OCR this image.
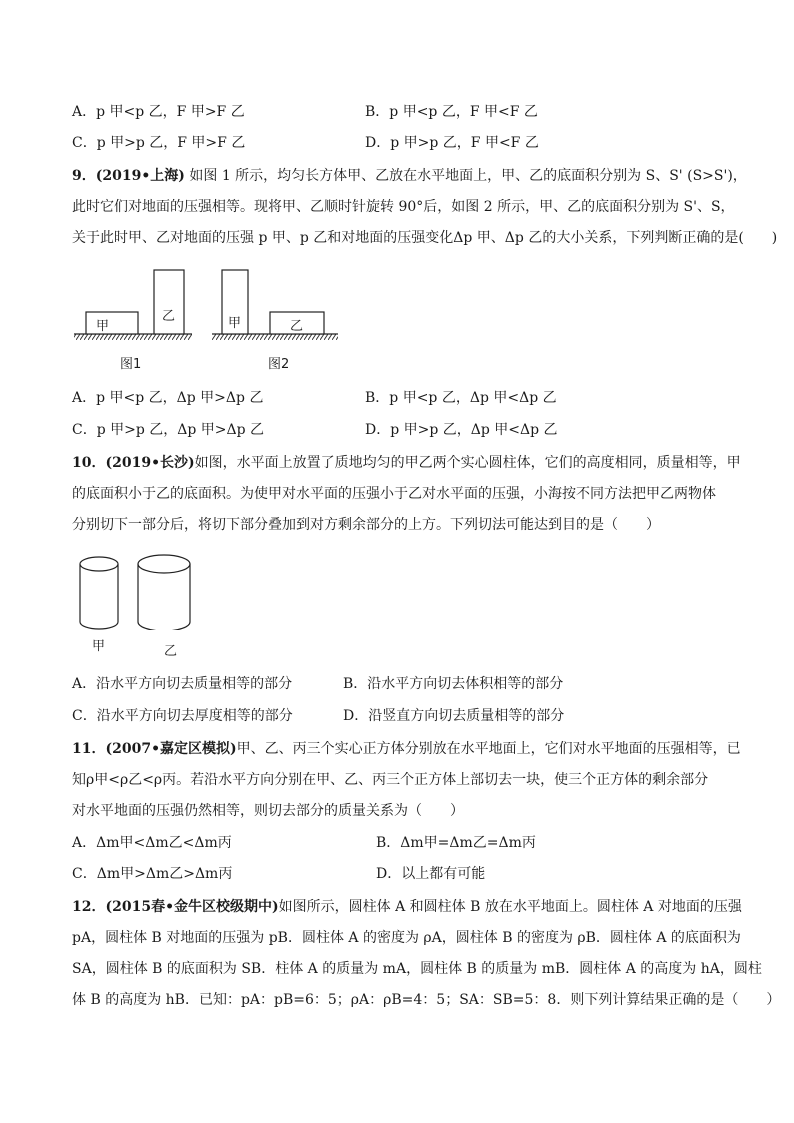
A．p 甲<p 乙，F 甲>F 乙	B．p 甲<p 乙，F 甲<F 乙
C．p 甲>p 乙，F 甲>F 乙	D．p 甲>p 乙，F 甲<F 乙
9．(2019•上海) 如图 1 所示，均匀长方体甲、乙放在水平地面上，甲、乙的底面积分别为 S、S' (S>S')，
此时它们对地面的压强相等。现将甲、乙顺时针旋转 90°后，如图 2 所示，甲、乙的底面积分别为 S'、S，
关于此时甲、乙对地面的压强 p 甲、p 乙和对地面的压强变化Δp 甲、Δp 乙的大小关系，下列判断正确的是(　　)
甲
乙	甲	乙
图1	图2
A．p 甲<p 乙，Δp 甲>Δp 乙	B．p 甲<p 乙，Δp 甲<Δp 乙
C．p 甲>p 乙，Δp 甲>Δp 乙	D．p 甲>p 乙，Δp 甲<Δp 乙
10．(2019•长沙)如图，水平面上放置了质地均匀的甲乙两个实心圆柱体，它们的高度相同，质量相等，甲
的底面积小于乙的底面积。为使甲对水平面的压强小于乙对水平面的压强，小海按不同方法把甲乙两物体
分别切下一部分后，将切下部分叠加到对方剩余部分的上方。下列切法可能达到目的是（　　）
甲	乙
A．沿水平方向切去质量相等的部分	B．沿水平方向切去体积相等的部分
C．沿水平方向切去厚度相等的部分	D．沿竖直方向切去质量相等的部分
11．(2007•嘉定区模拟)甲、乙、丙三个实心正方体分别放在水平地面上，它们对水平地面的压强相等，已
知ρ甲<ρ乙<ρ丙。若沿水平方向分别在甲、乙、丙三个正方体上部切去一块，使三个正方体的剩余部分
对水平地面的压强仍然相等，则切去部分的质量关系为（　　）
A．Δm甲<Δm乙<Δm丙	B．Δm甲=Δm乙=Δm丙
C．Δm甲>Δm乙>Δm丙	D．以上都有可能
12．(2015春•金牛区校级期中)如图所示，圆柱体 A 和圆柱体 B 放在水平地面上。圆柱体 A 对地面的压强
pA，圆柱体 B 对地面的压强为 pB．圆柱体 A 的密度为 ρA，圆柱体 B 的密度为 ρB．圆柱体 A 的底面积为
SA，圆柱体 B 的底面积为 SB．柱体 A 的质量为 mA，圆柱体 B 的质量为 mB．圆柱体 A 的高度为 hA，圆柱
体 B 的高度为 hB．已知：pA：pB=6：5；ρA：ρB=4：5；SA：SB=5：8．则下列计算结果正确的是（　　）
